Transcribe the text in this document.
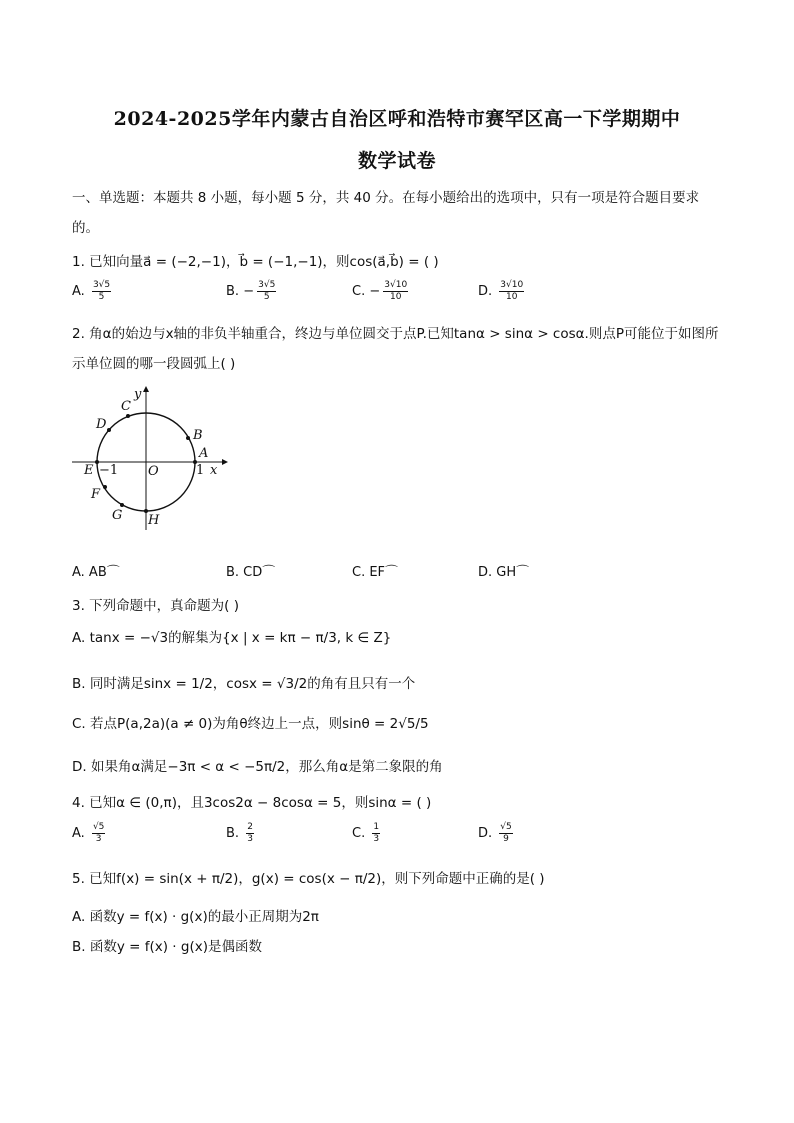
2024-2025学年内蒙古自治区呼和浩特市赛罕区高一下学期期中
数学试卷
一、单选题：本题共 8 小题，每小题 5 分，共 40 分。在每小题给出的选项中，只有一项是符合题目要求
的。
1. 已知向量a⃗ = (−2,−1)，b⃗ = (−1,−1)，则cos(a⃗,b⃗) = ( )
A. $\frac{3√5}{5}$	B. − $\frac{3√5}{5}$	C. − $\frac{3√10}{10}$	D. $\frac{3√10}{10}$
2. 角α的始边与x轴的非负半轴重合，终边与单位圆交于点P.已知tanα > sinα > cosα.则点P可能位于如图所
示单位圆的哪一段圆弧上( )
y
x
O
A
B
C
D
E
F
G H
1
−1
A. AB⌒	B. CD⌒	C. EF⌒	D. GH⌒
3. 下列命题中，真命题为( )
A. tanx = −√3的解集为{x | x = kπ − π/3, k ∈ Z}
B. 同时满足sinx = 1/2，cosx = √3/2的角有且只有一个
C. 若点P(a,2a)(a ≠ 0)为角θ终边上一点，则sinθ = 2√5/5
D. 如果角α满足−3π < α < −5π/2，那么角α是第二象限的角
4. 已知α ∈ (0,π)，且3cos2α − 8cosα = 5，则sinα = ( )
A. $\frac{√5}{3}$	B. $\frac{2}{3}$	C. $\frac{1}{3}$	D. $\frac{√5}{9}$
5. 已知f(x) = sin(x + π/2)，g(x) = cos(x − π/2)，则下列命题中正确的是( )
A. 函数y = f(x) · g(x)的最小正周期为2π
B. 函数y = f(x) · g(x)是偶函数
